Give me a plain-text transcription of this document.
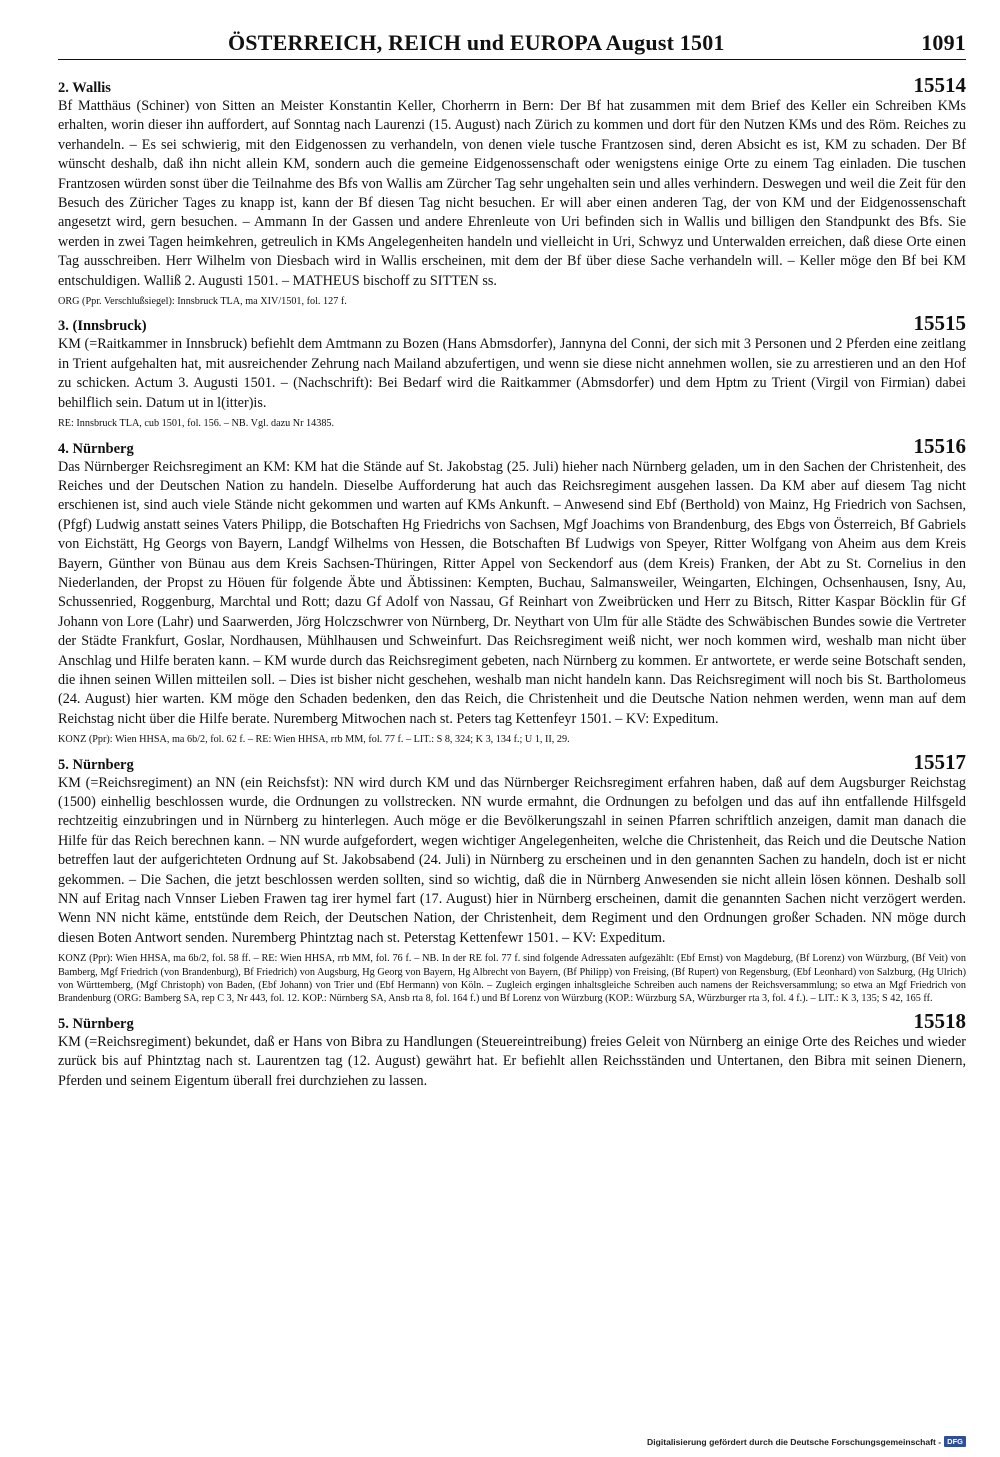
ÖSTERREICH, REICH und EUROPA August 1501	1091
2. Wallis	15514
Bf Matthäus (Schiner) von Sitten an Meister Konstantin Keller, Chorherrn in Bern: Der Bf hat zusammen mit dem Brief des Keller ein Schreiben KMs erhalten, worin dieser ihn auffordert, auf Sonntag nach Laurenzi (15. August) nach Zürich zu kommen und dort für den Nutzen KMs und des Röm. Reiches zu verhandeln. – Es sei schwierig, mit den Eidgenossen zu verhandeln, von denen viele tusche Frantzosen sind, deren Absicht es ist, KM zu schaden. Der Bf wünscht deshalb, daß ihn nicht allein KM, sondern auch die gemeine Eidgenossenschaft oder wenigstens einige Orte zu einem Tag einladen. Die tuschen Frantzosen würden sonst über die Teilnahme des Bfs von Wallis am Zürcher Tag sehr ungehalten sein und alles verhindern. Deswegen und weil die Zeit für den Besuch des Züricher Tages zu knapp ist, kann der Bf diesen Tag nicht besuchen. Er will aber einen anderen Tag, der von KM und der Eidgenossenschaft angesetzt wird, gern besuchen. – Ammann In der Gassen und andere Ehrenleute von Uri befinden sich in Wallis und billigen den Standpunkt des Bfs. Sie werden in zwei Tagen heimkehren, getreulich in KMs Angelegenheiten handeln und vielleicht in Uri, Schwyz und Unterwalden erreichen, daß diese Orte einen Tag ausschreiben. Herr Wilhelm von Diesbach wird in Wallis erscheinen, mit dem der Bf über diese Sache verhandeln will. – Keller möge den Bf bei KM entschuldigen. Walliß 2. Augusti 1501. – MATHEUS bischoff zu SITTEN ss.
ORG (Ppr. Verschlußsiegel): Innsbruck TLA, ma XIV/1501, fol. 127 f.
3. (Innsbruck)	15515
KM (=Raitkammer in Innsbruck) befiehlt dem Amtmann zu Bozen (Hans Abmsdorfer), Jannyna del Conni, der sich mit 3 Personen und 2 Pferden eine zeitlang in Trient aufgehalten hat, mit ausreichender Zehrung nach Mailand abzufertigen, und wenn sie diese nicht annehmen wollen, sie zu arrestieren und an den Hof zu schicken. Actum 3. Augusti 1501. – (Nachschrift): Bei Bedarf wird die Raitkammer (Abmsdorfer) und dem Hptm zu Trient (Virgil von Firmian) dabei behilflich sein. Datum ut in l(itter)is.
RE: Innsbruck TLA, cub 1501, fol. 156. – NB. Vgl. dazu Nr 14385.
4. Nürnberg	15516
Das Nürnberger Reichsregiment an KM: KM hat die Stände auf St. Jakobstag (25. Juli) hieher nach Nürnberg geladen, um in den Sachen der Christenheit, des Reiches und der Deutschen Nation zu handeln. Dieselbe Aufforderung hat auch das Reichsregiment ausgehen lassen. Da KM aber auf diesem Tag nicht erschienen ist, sind auch viele Stände nicht gekommen und warten auf KMs Ankunft. – Anwesend sind Ebf (Berthold) von Mainz, Hg Friedrich von Sachsen, (Pfgf) Ludwig anstatt seines Vaters Philipp, die Botschaften Hg Friedrichs von Sachsen, Mgf Joachims von Brandenburg, des Ebgs von Österreich, Bf Gabriels von Eichstätt, Hg Georgs von Bayern, Landgf Wilhelms von Hessen, die Botschaften Bf Ludwigs von Speyer, Ritter Wolfgang von Aheim aus dem Kreis Bayern, Günther von Bünau aus dem Kreis Sachsen-Thüringen, Ritter Appel von Seckendorf aus (dem Kreis) Franken, der Abt zu St. Cornelius in den Niederlanden, der Propst zu Höuen für folgende Äbte und Äbtissinen: Kempten, Buchau, Salmansweiler, Weingarten, Elchingen, Ochsenhausen, Isny, Au, Schussenried, Roggenburg, Marchtal und Rott; dazu Gf Adolf von Nassau, Gf Reinhart von Zweibrücken und Herr zu Bitsch, Ritter Kaspar Böcklin für Gf Johann von Lore (Lahr) und Saarwerden, Jörg Holczschwrer von Nürnberg, Dr. Neythart von Ulm für alle Städte des Schwäbischen Bundes sowie die Vertreter der Städte Frankfurt, Goslar, Nordhausen, Mühlhausen und Schweinfurt. Das Reichsregiment weiß nicht, wer noch kommen wird, weshalb man nicht über Anschlag und Hilfe beraten kann. – KM wurde durch das Reichsregiment gebeten, nach Nürnberg zu kommen. Er antwortete, er werde seine Botschaft senden, die ihnen seinen Willen mitteilen soll. – Dies ist bisher nicht geschehen, weshalb man nicht handeln kann. Das Reichsregiment will noch bis St. Bartholomeus (24. August) hier warten. KM möge den Schaden bedenken, den das Reich, die Christenheit und die Deutsche Nation nehmen werden, wenn man auf dem Reichstag nicht über die Hilfe berate. Nuremberg Mitwochen nach st. Peters tag Kettenfeyr 1501. – KV: Expeditum.
KONZ (Ppr): Wien HHSA, ma 6b/2, fol. 62 f. – RE: Wien HHSA, rrb MM, fol. 77 f. – LIT.: S 8, 324; K 3, 134 f.; U 1, II, 29.
5. Nürnberg	15517
KM (=Reichsregiment) an NN (ein Reichsfst): NN wird durch KM und das Nürnberger Reichsregiment erfahren haben, daß auf dem Augsburger Reichstag (1500) einhellig beschlossen wurde, die Ordnungen zu vollstrecken. NN wurde ermahnt, die Ordnungen zu befolgen und das auf ihn entfallende Hilfsgeld rechtzeitig einzubringen und in Nürnberg zu hinterlegen. Auch möge er die Bevölkerungszahl in seinen Pfarren schriftlich anzeigen, damit man danach die Hilfe für das Reich berechnen kann. – NN wurde aufgefordert, wegen wichtiger Angelegenheiten, welche die Christenheit, das Reich und die Deutsche Nation betreffen laut der aufgerichteten Ordnung auf St. Jakobsabend (24. Juli) in Nürnberg zu erscheinen und in den genannten Sachen zu handeln, doch ist er nicht gekommen. – Die Sachen, die jetzt beschlossen werden sollten, sind so wichtig, daß die in Nürnberg Anwesenden sie nicht allein lösen können. Deshalb soll NN auf Eritag nach Vnnser Lieben Frawen tag irer hymel fart (17. August) hier in Nürnberg erscheinen, damit die genannten Sachen nicht verzögert werden. Wenn NN nicht käme, entstünde dem Reich, der Deutschen Nation, der Christenheit, dem Regiment und den Ordnungen großer Schaden. NN möge durch diesen Boten Antwort senden. Nuremberg Phintztag nach st. Peterstag Kettenfewr 1501. – KV: Expeditum.
KONZ (Ppr): Wien HHSA, ma 6b/2, fol. 58 ff. – RE: Wien HHSA, rrb MM, fol. 76 f. – NB. In der RE fol. 77 f. sind folgende Adressaten aufgezählt: (Ebf Ernst) von Magdeburg, (Bf Lorenz) von Würzburg, (Bf Veit) von Bamberg, Mgf Friedrich (von Brandenburg), Bf Friedrich) von Augsburg, Hg Georg von Bayern, Hg Albrecht von Bayern, (Bf Philipp) von Freising, (Bf Rupert) von Regensburg, (Ebf Leonhard) von Salzburg, (Hg Ulrich) von Württemberg, (Mgf Christoph) von Baden, (Ebf Johann) von Trier und (Ebf Hermann) von Köln. – Zugleich ergingen inhaltsgleiche Schreiben auch namens der Reichsversammlung; so etwa an Mgf Friedrich von Brandenburg (ORG: Bamberg SA, rep C 3, Nr 443, fol. 12. KOP.: Nürnberg SA, Ansb rta 8, fol. 164 f.) und Bf Lorenz von Würzburg (KOP.: Würzburg SA, Würzburger rta 3, fol. 4 f.). – LIT.: K 3, 135; S 42, 165 ff.
5. Nürnberg	15518
KM (=Reichsregiment) bekundet, daß er Hans von Bibra zu Handlungen (Steuereintreibung) freies Geleit von Nürnberg an einige Orte des Reiches und wieder zurück bis auf Phintztag nach st. Laurentzen tag (12. August) gewährt hat. Er befiehlt allen Reichsständen und Untertanen, den Bibra mit seinen Dienern, Pferden und seinem Eigentum überall frei durchziehen zu lassen.
Digitalisierung gefördert durch die Deutsche Forschungsgemeinschaft - DFG
